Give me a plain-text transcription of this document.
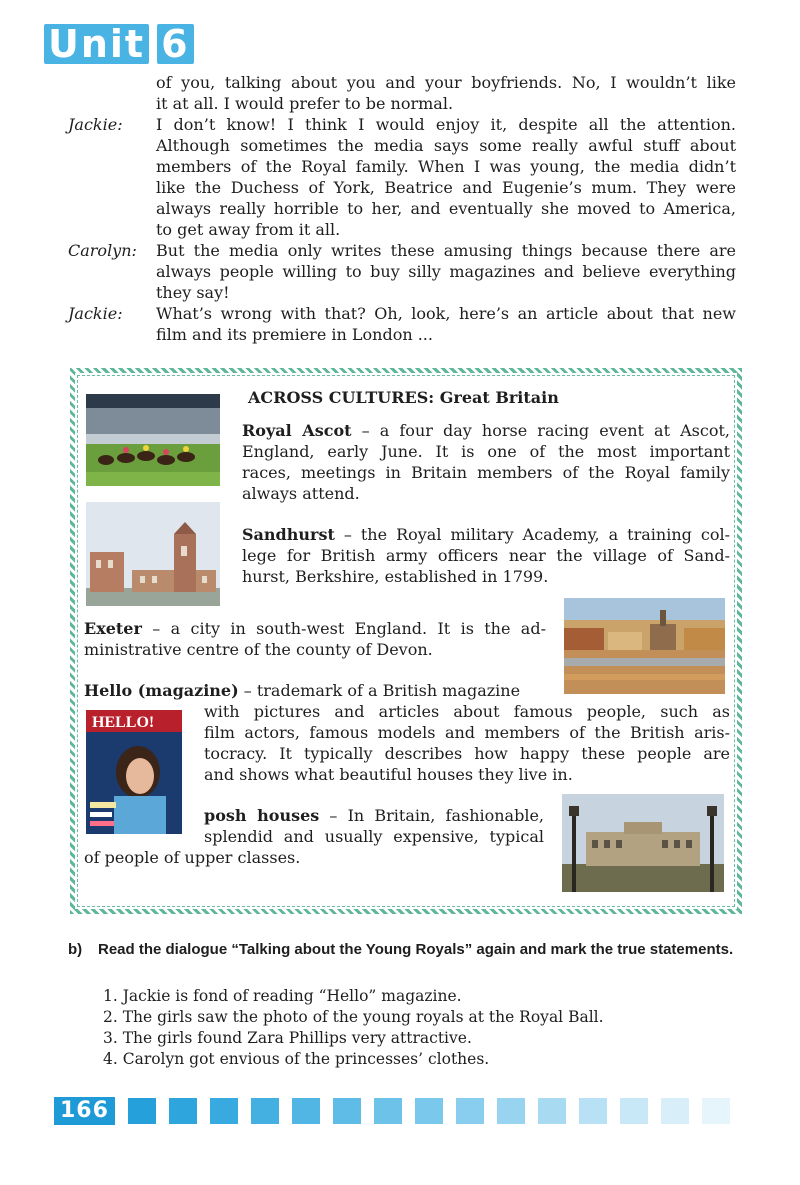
Unit 6
of you, talking about you and your boyfriends. No, I wouldn’t like
it at all. I would prefer to be normal.
Jackie:	I don’t know! I think I would enjoy it, despite all the attention.
Although sometimes the media says some really awful stuff about
members of the Royal family. When I was young, the media didn’t
like the Duchess of York, Beatrice and Eugenie’s mum. They were
always really horrible to her, and eventually she moved to America,
to get away from it all.
Carolyn:	But the media only writes these amusing things because there are
always people willing to buy silly magazines and believe everything
they say!
Jackie:	What’s wrong with that? Oh, look, here’s an article about that new
film and its premiere in London ...
ACROSS CULTURES: Great Britain
HELLO!
Royal Ascot – a four day horse racing event at Ascot,
England, early June. It is one of the most important
races, meetings in Britain members of the Royal family
always attend.
Sandhurst – the Royal military Academy, a training col-
lege for British army officers near the village of Sand-
hurst, Berkshire, established in 1799.
Exeter – a city in south-west England. It is the ad-
ministrative centre of the county of Devon.
Hello (magazine) – trademark of a British magazine
with pictures and articles about famous people, such as
film actors, famous models and members of the British aris-
tocracy. It typically describes how happy these people are
and shows what beautiful houses they live in.
posh houses – In Britain, fashionable,
splendid and usually expensive, typical
of people of upper classes.
b) Read the dialogue “Talking about the Young Royals” again and mark the true statements.
1. Jackie is fond of reading “Hello” magazine.
2. The girls saw the photo of the young royals at the Royal Ball.
3. The girls found Zara Phillips very attractive.
4. Carolyn got envious of the princesses’ clothes.
166
